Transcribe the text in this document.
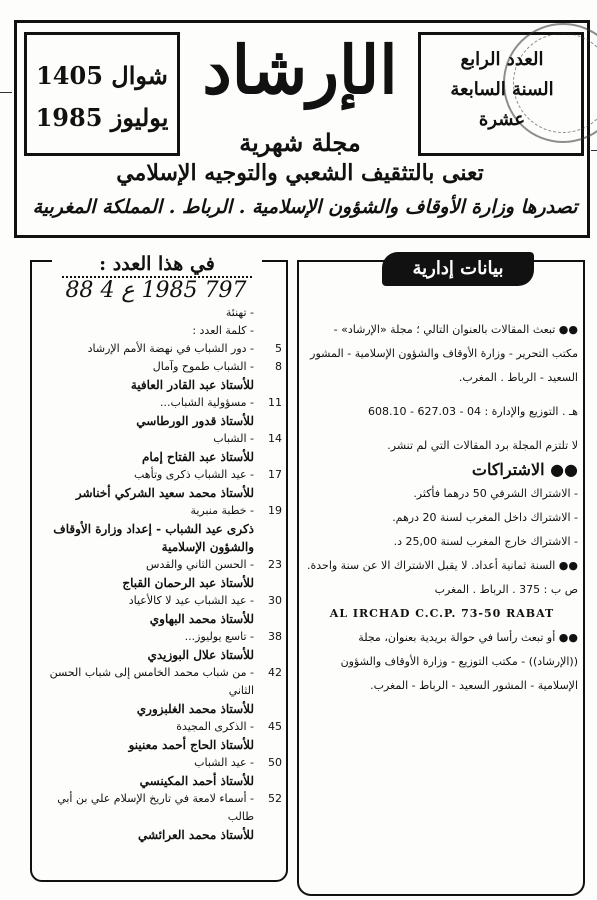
شوال 1405
يوليوز 1985
العدد الرابع
السنة السابعة عشرة
الإرشاد
مجلة شهرية
تعنى بالتثقيف الشعبي والتوجيه الإسلامي
تصدرها وزارة الأوقاف والشؤون الإسلامية . الرباط . المملكة المغربية
في هذا العدد :	بيانات إدارية
797 1985 ع 4 88
- تهنئة
- كلمة العدد :
5
- دور الشباب في نهضة الأمم الإرشاد
8
- الشباب طموح وآمال
للأستاذ عبد القادر العافية
11
- مسؤولية الشباب...
للأستاذ قدور الورطاسي
14
- الشباب
للأستاذ عبد الفتاح إمام
17
- عيد الشباب ذكرى وتأهب
للأستاذ محمد سعيد الشركي أخناشر
19
- خطبة منبرية
ذكرى عيد الشباب - إعداد وزارة الأوقاف والشؤون الإسلامية
23
- الحسن الثاني والقدس
للأستاذ عبد الرحمان القباج
30
- عيد الشباب عيد لا كالأعياد
للأستاذ محمد البهاوي
38
- تاسع يوليوز...
للأستاذ علال البوزيدي
42
- من شباب محمد الخامس إلى شباب الحسن الثاني
للأستاذ محمد الغلبزوري
45
- الذكرى المجيدة
للأستاذ الحاج أحمد معنينو
50
- عيد الشباب
للأستاذ أحمد المكينسي
52
- أسماء لامعة في تاريخ الإسلام علي بن أبي طالب
للأستاذ محمد العرائشي

●● تبعث المقالات بالعنوان التالي ؛ مجلة «الإرشاد» - مكتب التحرير - وزارة الأوقاف والشؤون الإسلامية - المشور السعيد - الرباط . المغرب.

هـ . التوزيع والإدارة : 04 - 627.03 - 608.10

لا تلتزم المجلة برد المقالات التي لم تنشر.

●● الاشتراكات

- الاشتراك الشرفي 50 درهما فأكثر.

- الاشتراك داخل المغرب لسنة 20 درهم.

- الاشتراك خارج المغرب لسنة 25,00 د.

●● السنة ثمانية أعداد. لا يقبل الاشتراك الا عن سنة واحدة.

ص ب : 375 . الرباط . المغرب

AL IRCHAD C.C.P. 73-50 RABAT

●● أو تبعث رأسا في حوالة بريدية بعنوان، مجلة ((الإرشاد)) - مكتب التوزيع - وزارة الأوقاف والشؤون الإسلامية - المشور السعيد - الرباط - المغرب.
